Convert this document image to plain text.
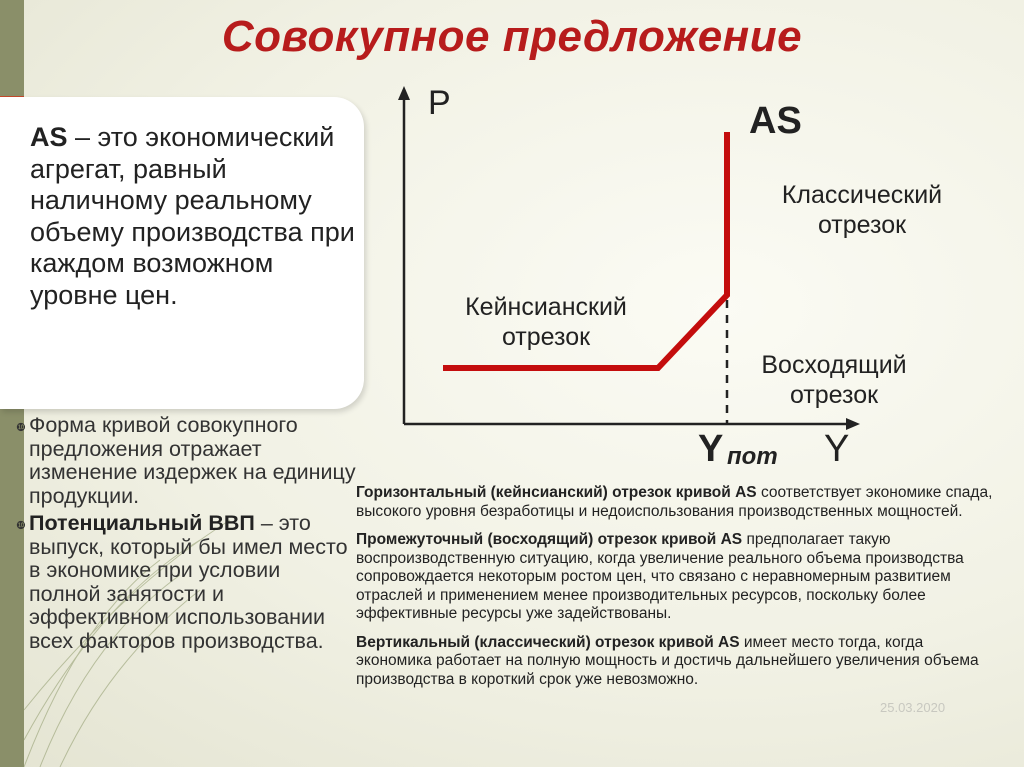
Совокупное предложение
AS – это экономический агрегат, равный наличному реальному объему производства при каждом возможном уровне цен.
❿ Форма кривой совокупного предложения отражает изменение издержек на единицу продукции.
❿ Потенциальный ВВП – это выпуск, который бы имел место в экономике при условии полной занятости и эффективном использовании всех факторов производства.
P
Y
AS
Y пот
Классический отрезок
Кейнсианский отрезок
Восходящий отрезок
Горизонтальный (кейнсианский) отрезок кривой AS соответствует экономике спада, высокого уровня безработицы и недоиспользования производственных мощностей.
Промежуточный (восходящий) отрезок кривой AS предполагает такую воспроизводственную ситуацию, когда увеличение реального объема производства сопровождается некоторым ростом цен, что связано с неравномерным развитием отраслей и применением менее производительных ресурсов, поскольку более эффективные ресурсы уже задействованы.
Вертикальный (классический) отрезок кривой AS имеет место тогда, когда экономика работает на полную мощность и достичь дальнейшего увеличения объема производства в короткий срок уже невозможно.
25.03.2020
